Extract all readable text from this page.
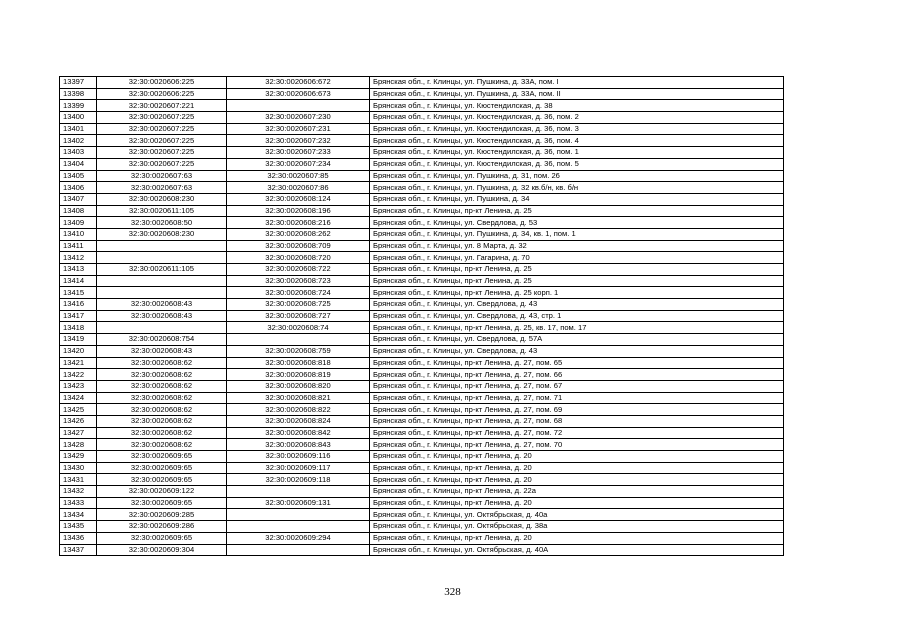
13397	32:30:0020606:225	32:30:0020606:672	Брянская обл., г. Клинцы, ул. Пушкина, д. 33А, пом. I
13398	32:30:0020606:225	32:30:0020606:673	Брянская обл., г. Клинцы, ул. Пушкина, д. 33А, пом. II
13399	32:30:0020607:221		Брянская обл., г. Клинцы, ул. Кюстендилская, д. 38
13400	32:30:0020607:225	32:30:0020607:230	Брянская обл., г. Клинцы, ул. Кюстендилская, д. 36, пом. 2
13401	32:30:0020607:225	32:30:0020607:231	Брянская обл., г. Клинцы, ул. Кюстендилская, д. 36, пом. 3
13402	32:30:0020607:225	32:30:0020607:232	Брянская обл., г. Клинцы, ул. Кюстендилская, д. 36, пом. 4
13403	32:30:0020607:225	32:30:0020607:233	Брянская обл., г. Клинцы, ул. Кюстендилская, д. 36, пом. 1
13404	32:30:0020607:225	32:30:0020607:234	Брянская обл., г. Клинцы, ул. Кюстендилская, д. 36, пом. 5
13405	32:30:0020607:63	32:30:0020607:85	Брянская обл., г. Клинцы, ул. Пушкина, д. 31, пом. 26
13406	32:30:0020607:63	32:30:0020607:86	Брянская обл., г. Клинцы, ул. Пушкина, д. 32 кв.б/н, кв. б/н
13407	32:30:0020608:230	32:30:0020608:124	Брянская обл., г. Клинцы, ул. Пушкина, д. 34
13408	32:30:0020611:105	32:30:0020608:196	Брянская обл., г. Клинцы, пр-кт Ленина, д. 25
13409	32:30:0020608:50	32:30:0020608:216	Брянская обл., г. Клинцы, ул. Свердлова, д. 53
13410	32:30:0020608:230	32:30:0020608:262	Брянская обл., г. Клинцы, ул. Пушкина, д. 34, кв. 1, пом. 1
13411		32:30:0020608:709	Брянская обл., г. Клинцы, ул. 8 Марта, д. 32
13412		32:30:0020608:720	Брянская обл., г. Клинцы, ул. Гагарина, д. 70
13413	32:30:0020611:105	32:30:0020608:722	Брянская обл., г. Клинцы, пр-кт Ленина, д. 25
13414		32:30:0020608:723	Брянская обл., г. Клинцы, пр-кт Ленина, д. 25
13415		32:30:0020608:724	Брянская обл., г. Клинцы, пр-кт Ленина, д. 25 корп. 1
13416	32:30:0020608:43	32:30:0020608:725	Брянская обл., г. Клинцы, ул. Свердлова, д. 43
13417	32:30:0020608:43	32:30:0020608:727	Брянская обл., г. Клинцы, ул. Свердлова, д. 43, стр. 1
13418		32:30:0020608:74	Брянская обл., г. Клинцы, пр-кт Ленина, д. 25, кв. 17, пом. 17
13419	32:30:0020608:754		Брянская обл., г. Клинцы, ул. Свердлова, д. 57А
13420	32:30:0020608:43	32:30:0020608:759	Брянская обл., г. Клинцы, ул. Свердлова, д. 43
13421	32:30:0020608:62	32:30:0020608:818	Брянская обл., г. Клинцы, пр-кт Ленина, д. 27, пом. 65
13422	32:30:0020608:62	32:30:0020608:819	Брянская обл., г. Клинцы, пр-кт Ленина, д. 27, пом. 66
13423	32:30:0020608:62	32:30:0020608:820	Брянская обл., г. Клинцы, пр-кт Ленина, д. 27, пом. 67
13424	32:30:0020608:62	32:30:0020608:821	Брянская обл., г. Клинцы, пр-кт Ленина, д. 27, пом. 71
13425	32:30:0020608:62	32:30:0020608:822	Брянская обл., г. Клинцы, пр-кт Ленина, д. 27, пом. 69
13426	32:30:0020608:62	32:30:0020608:824	Брянская обл., г. Клинцы, пр-кт Ленина, д. 27, пом. 68
13427	32:30:0020608:62	32:30:0020608:842	Брянская обл., г. Клинцы, пр-кт Ленина, д. 27, пом. 72
13428	32:30:0020608:62	32:30:0020608:843	Брянская обл., г. Клинцы, пр-кт Ленина, д. 27, пом. 70
13429	32:30:0020609:65	32:30:0020609:116	Брянская обл., г. Клинцы, пр-кт Ленина, д. 20
13430	32:30:0020609:65	32:30:0020609:117	Брянская обл., г. Клинцы, пр-кт Ленина, д. 20
13431	32:30:0020609:65	32:30:0020609:118	Брянская обл., г. Клинцы, пр-кт Ленина, д. 20
13432	32:30:0020609:122		Брянская обл., г. Клинцы, пр-кт Ленина, д. 22а
13433	32:30:0020609:65	32:30:0020609:131	Брянская обл., г. Клинцы, пр-кт Ленина, д. 20
13434	32:30:0020609:285		Брянская обл., г. Клинцы, ул. Октябрьская, д. 40а
13435	32:30:0020609:286		Брянская обл., г. Клинцы, ул. Октябрьская, д. 38а
13436	32:30:0020609:65	32:30:0020609:294	Брянская обл., г. Клинцы, пр-кт Ленина, д. 20
13437	32:30:0020609:304		Брянская обл., г. Клинцы, ул. Октябрьская, д. 40А
328
